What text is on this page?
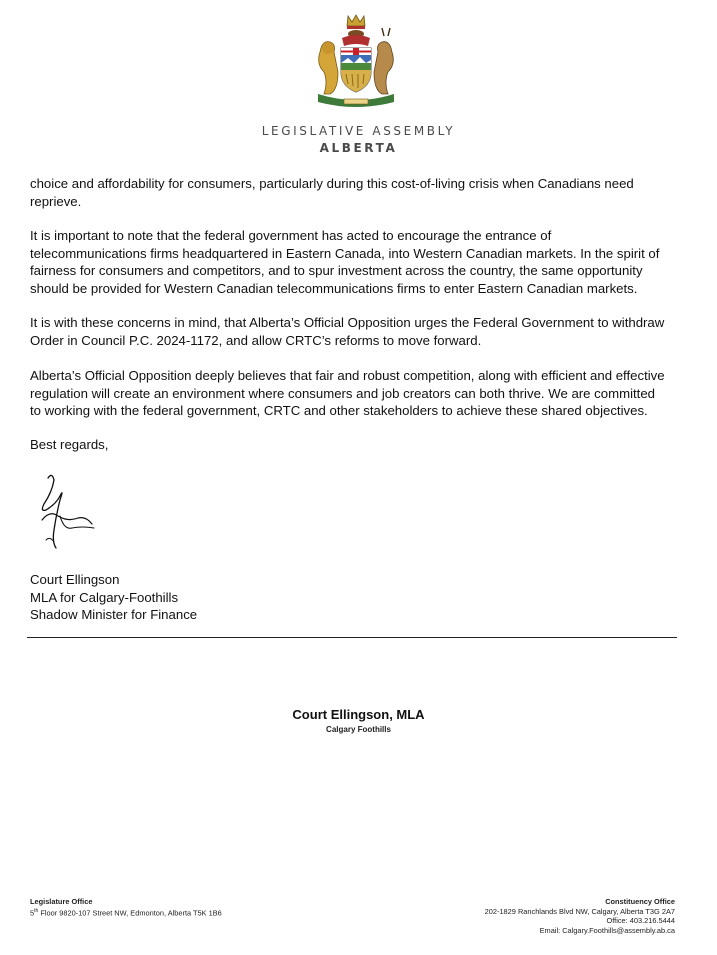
LEGISLATIVE ASSEMBLY
ALBERTA
choice and affordability for consumers, particularly during this cost-of-living crisis when Canadians need
reprieve.
It is important to note that the federal government has acted to encourage the entrance of
telecommunications firms headquartered in Eastern Canada, into Western Canadian markets. In the spirit of
fairness for consumers and competitors, and to spur investment across the country, the same opportunity
should be provided for Western Canadian telecommunications firms to enter Eastern Canadian markets.
It is with these concerns in mind, that Alberta’s Official Opposition urges the Federal Government to withdraw
Order in Council P.C. 2024-1172, and allow CRTC’s reforms to move forward.
Alberta’s Official Opposition deeply believes that fair and robust competition, along with efficient and effective
regulation will create an environment where consumers and job creators can both thrive. We are committed
to working with the federal government, CRTC and other stakeholders to achieve these shared objectives.
Best regards,
Court Ellingson
MLA for Calgary-Foothills
Shadow Minister for Finance
Court Ellingson, MLA
Calgary Foothills
Legislature Office
5th Floor 9820-107 Street NW, Edmonton, Alberta T5K 1B6
Constituency Office
202-1829 Ranchlands Blvd NW, Calgary, Alberta T3G 2A7
Office: 403.216.5444
Email: Calgary.Foothills@assembly.ab.ca
